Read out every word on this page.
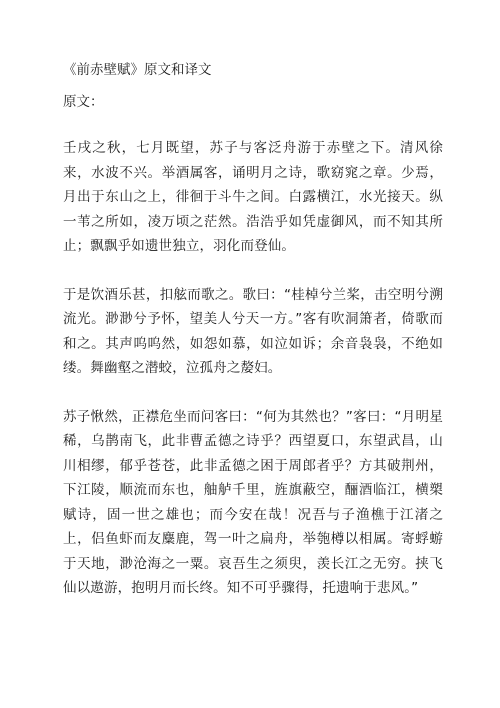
《前赤壁赋》原文和译文

原文：

壬戌之秋，七月既望，苏子与客泛舟游于赤壁之下。清风徐来，水波不兴。举酒属客，诵明月之诗，歌窈窕之章。少焉，月出于东山之上，徘徊于斗牛之间。白露横江，水光接天。纵一苇之所如，凌万顷之茫然。浩浩乎如凭虚御风，而不知其所止；飘飘乎如遗世独立，羽化而登仙。

于是饮酒乐甚，扣舷而歌之。歌曰：“桂棹兮兰桨，击空明兮溯流光。渺渺兮予怀，望美人兮天一方。”客有吹洞箫者，倚歌而和之。其声呜呜然，如怨如慕，如泣如诉；余音袅袅，不绝如缕。舞幽壑之潜蛟，泣孤舟之嫠妇。

苏子愀然，正襟危坐而问客曰：“何为其然也？”客曰：“月明星稀，乌鹊南飞，此非曹孟德之诗乎？西望夏口，东望武昌，山川相缪，郁乎苍苍，此非孟德之困于周郎者乎？方其破荆州，下江陵，顺流而东也，舳舻千里，旌旗蔽空，酾酒临江，横槊赋诗，固一世之雄也；而今安在哉！况吾与子渔樵于江渚之上，侣鱼虾而友麋鹿，驾一叶之扁舟，举匏樽以相属。寄蜉蝣于天地，渺沧海之一粟。哀吾生之须臾，羡长江之无穷。挟飞仙以遨游，抱明月而长终。知不可乎骤得，托遗响于悲风。”
